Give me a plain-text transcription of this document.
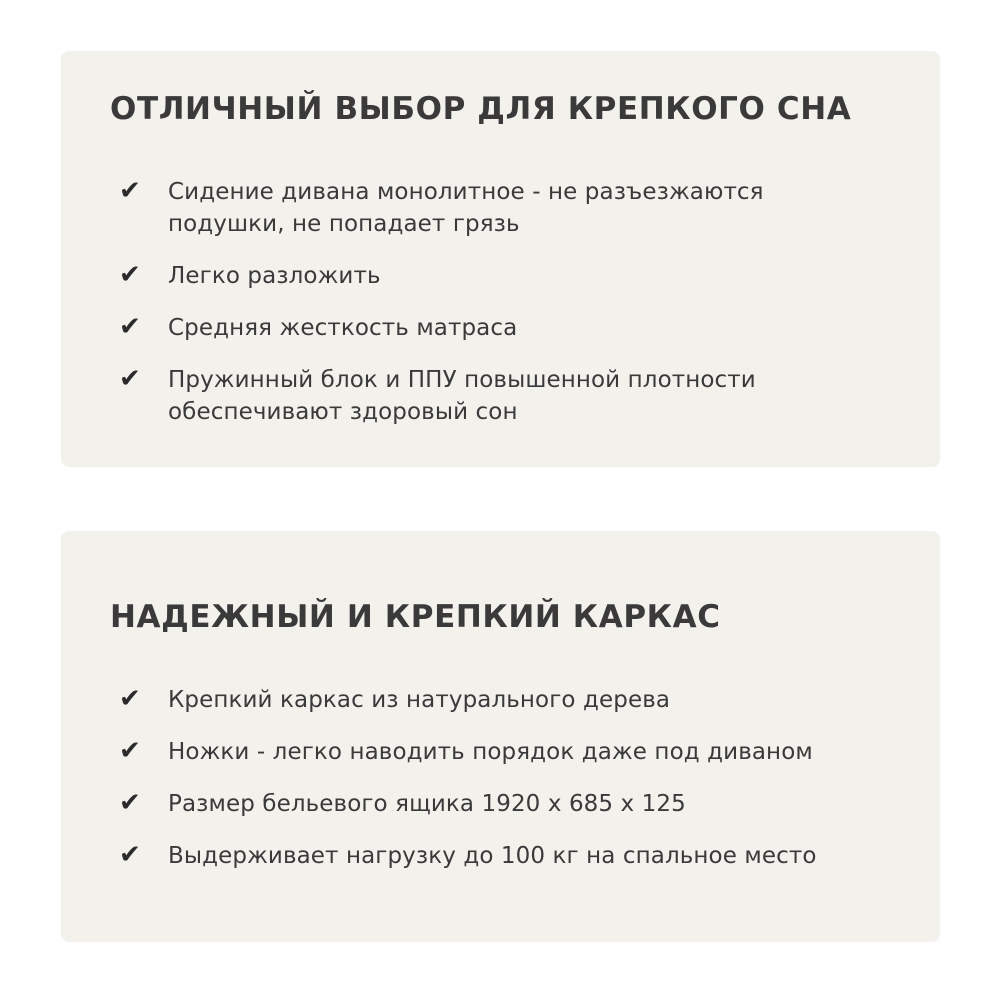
ОТЛИЧНЫЙ ВЫБОР ДЛЯ КРЕПКОГО СНА
✔ Сидение дивана монолитное - не разъезжаются
подушки, не попадает грязь
✔ Легко разложить
✔ Средняя жесткость матраса
✔ Пружинный блок и ППУ повышенной плотности
обеспечивают здоровый сон
НАДЕЖНЫЙ И КРЕПКИЙ КАРКАС
✔ Крепкий каркас из натурального дерева
✔ Ножки - легко наводить порядок даже под диваном
✔ Размер бельевого ящика 1920 х 685 х 125
✔ Выдерживает нагрузку до 100 кг на спальное место
